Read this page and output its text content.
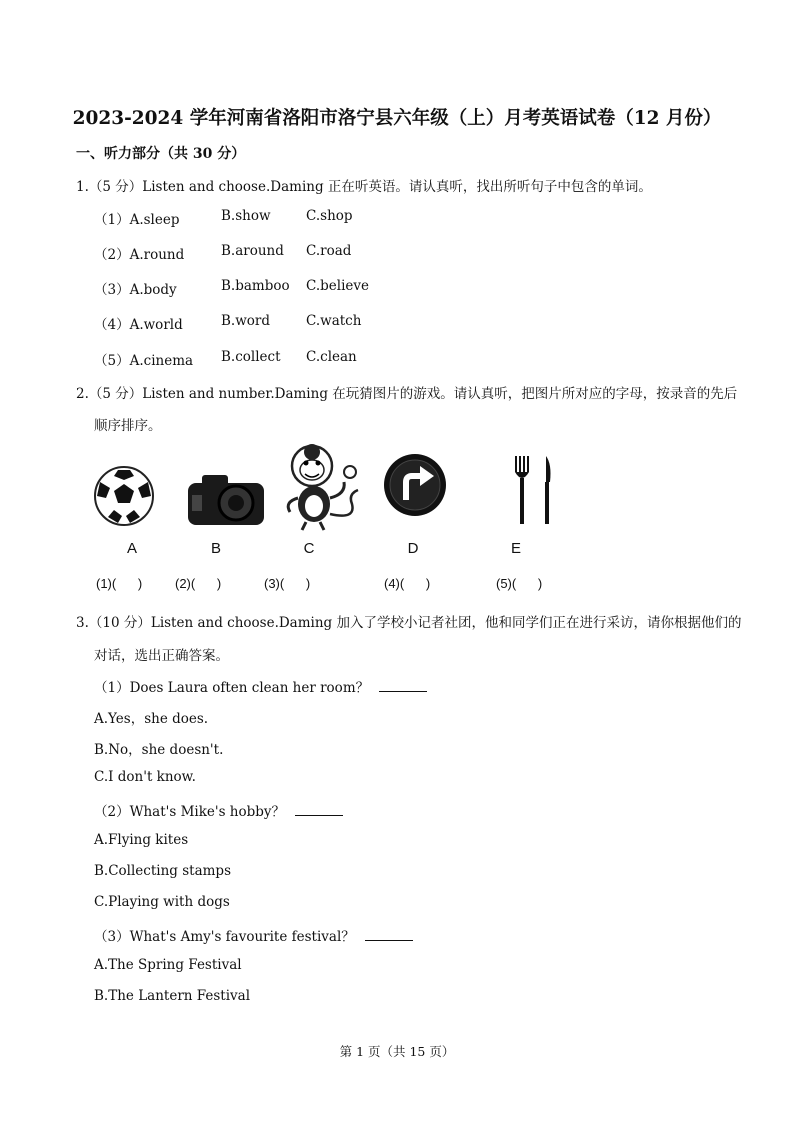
2023-2024 学年河南省洛阳市洛宁县六年级（上）月考英语试卷（12 月份）
一、听力部分（共 30 分）
1.（5 分）Listen and choose.Daming 正在听英语。请认真听，找出所听句子中包含的单词。
（1）A.sleep	B.show	C.shop
（2）A.round	B.around C.road
（3）A.body	B.bamboo C.believe
（4）A.world	B.word	C.watch
（5）A.cinema B.collect C.clean
2.（5 分）Listen and number.Daming 在玩猜图片的游戏。请认真听，把图片所对应的字母，按录音的先后
顺序排序。
A	B	C	D	E
(1)(      )	(2)(      )	(3)(      )	(4)(      )	(5)(      )
3.（10 分）Listen and choose.Daming 加入了学校小记者社团，他和同学们正在进行采访，请你根据他们的
对话，选出正确答案。
（1）Does Laura often clean her room？
A.Yes，she does.
B.No，she doesn't.
C.I don't know.
（2）What's Mike's hobby？
A.Flying kites
B.Collecting stamps
C.Playing with dogs
（3）What's Amy's favourite festival？
A.The Spring Festival
B.The Lantern Festival
第 1 页（共 15 页）
